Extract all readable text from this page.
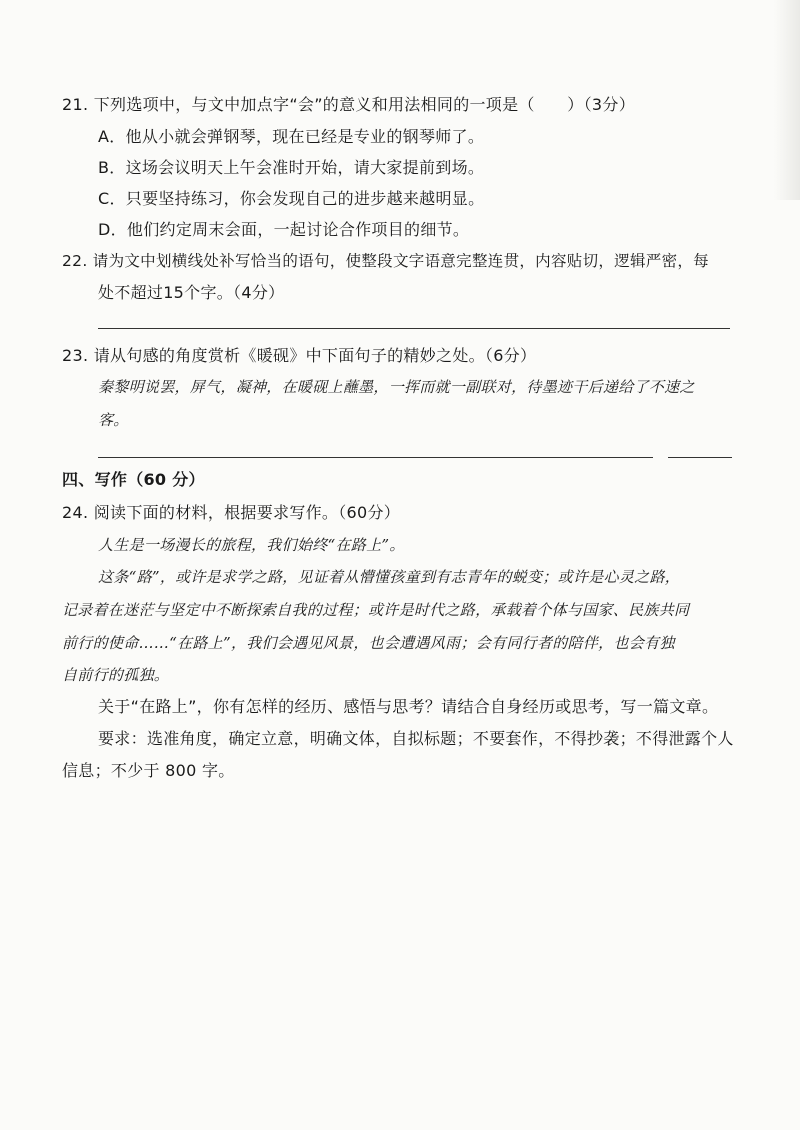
21. 下列选项中，与文中加点字“会”的意义和用法相同的一项是（　　）（3分）
A．他从小就会弹钢琴，现在已经是专业的钢琴师了。
B．这场会议明天上午会准时开始，请大家提前到场。
C．只要坚持练习，你会发现自己的进步越来越明显。
D．他们约定周末会面，一起讨论合作项目的细节。
22. 请为文中划横线处补写恰当的语句，使整段文字语意完整连贯，内容贴切，逻辑严密，每
处不超过15个字。（4分）
23. 请从句感的角度赏析《暖砚》中下面句子的精妙之处。（6分）
秦黎明说罢，屏气，凝神，在暖砚上蘸墨，一挥而就一副联对，待墨迹干后递给了不速之
客。
四、写作（60 分）
24. 阅读下面的材料，根据要求写作。（60分）
人生是一场漫长的旅程，我们始终“在路上”。
这条“路”，或许是求学之路，见证着从懵懂孩童到有志青年的蜕变；或许是心灵之路，
记录着在迷茫与坚定中不断探索自我的过程；或许是时代之路，承载着个体与国家、民族共同
前行的使命……“在路上”，我们会遇见风景，也会遭遇风雨；会有同行者的陪伴，也会有独
自前行的孤独。
关于“在路上”，你有怎样的经历、感悟与思考？请结合自身经历或思考，写一篇文章。
要求：选准角度，确定立意，明确文体，自拟标题；不要套作，不得抄袭；不得泄露个人
信息；不少于 800 字。
